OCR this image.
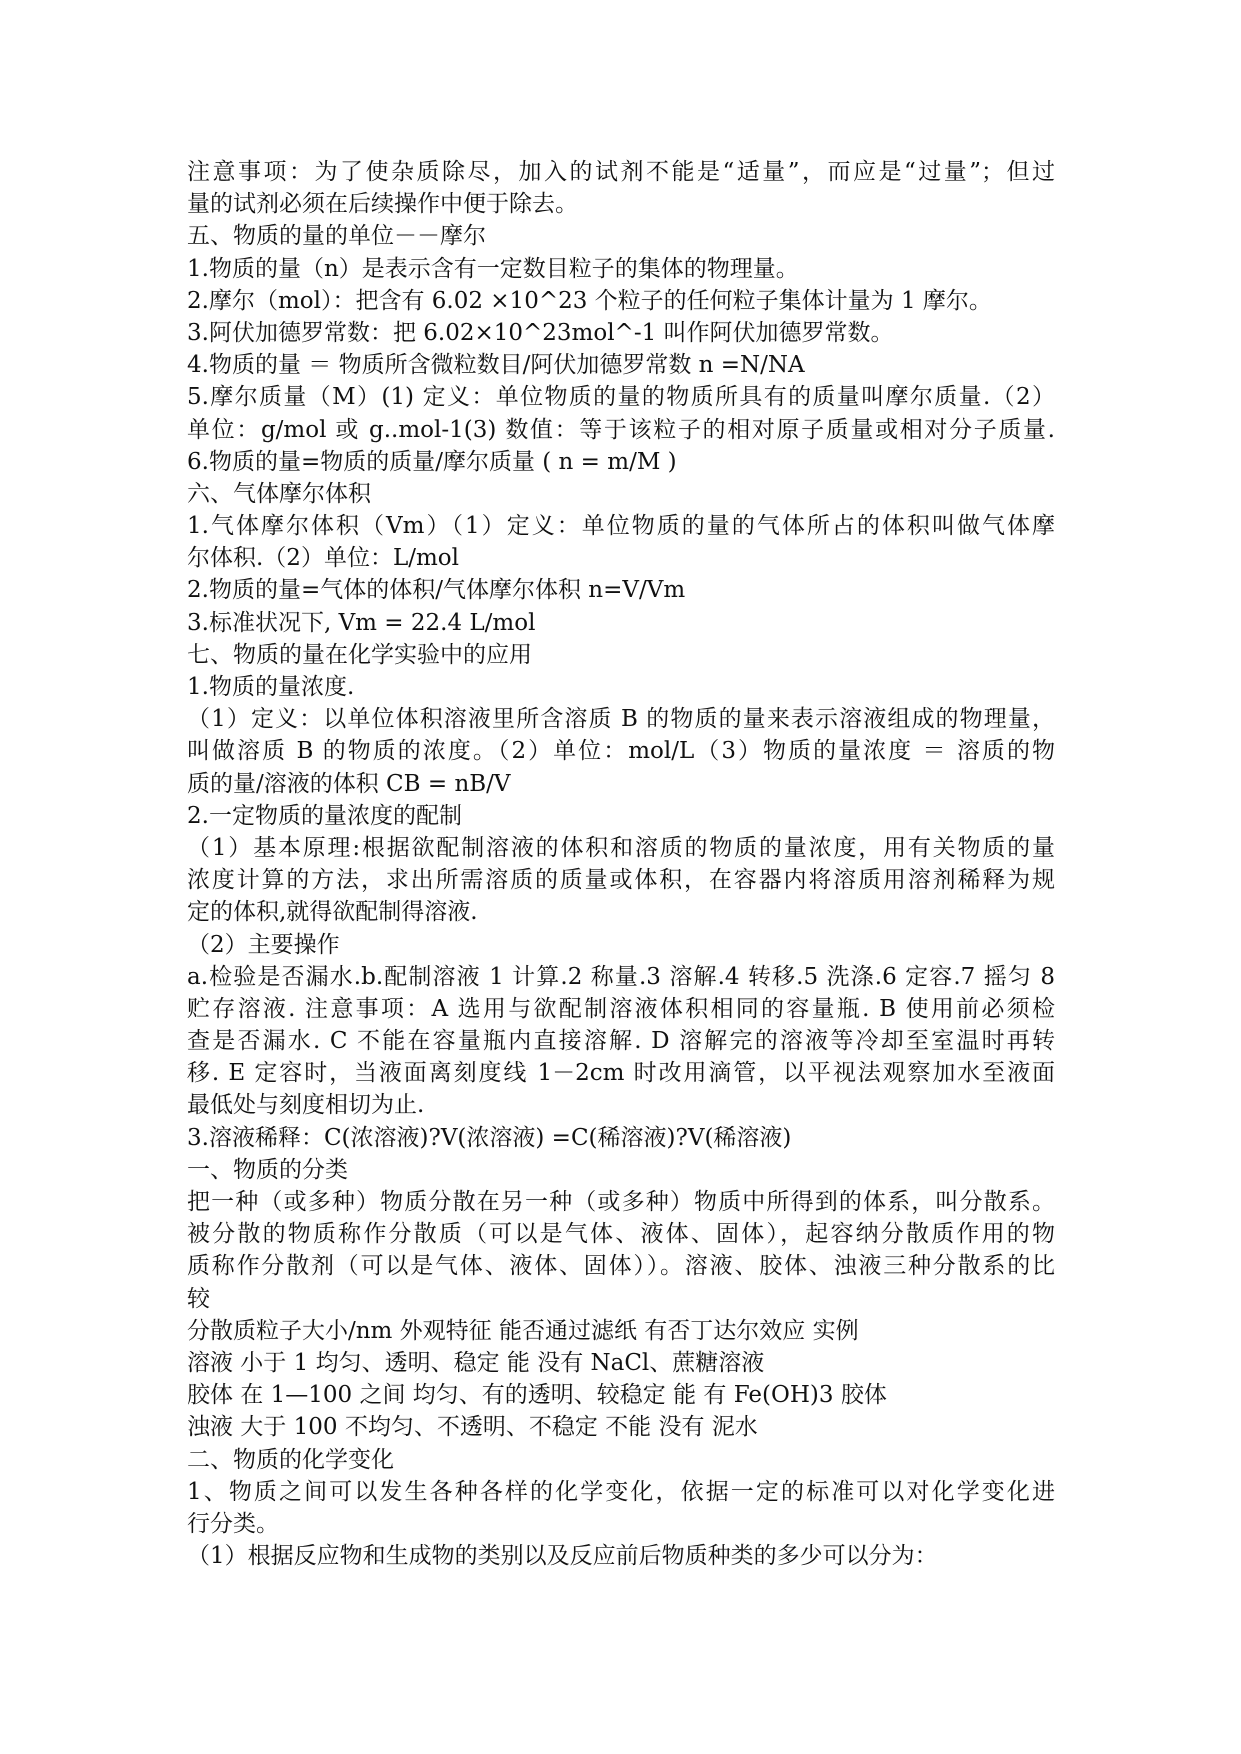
注意事项：为了使杂质除尽，加入的试剂不能是“适量”，而应是“过量”；但过
量的试剂必须在后续操作中便于除去。
五、物质的量的单位－－摩尔
1.物质的量（n）是表示含有一定数目粒子的集体的物理量。
2.摩尔（mol）：把含有 6.02 ×10^23 个粒子的任何粒子集体计量为 1 摩尔。
3.阿伏加德罗常数：把 6.02×10^23mol^-1 叫作阿伏加德罗常数。
4.物质的量 ＝ 物质所含微粒数目/阿伏加德罗常数 n =N/NA
5.摩尔质量（M）(1) 定义：单位物质的量的物质所具有的质量叫摩尔质量.（2）
单位：g/mol 或 g..mol-1(3) 数值：等于该粒子的相对原子质量或相对分子质量.
6.物质的量=物质的质量/摩尔质量 ( n = m/M )
六、气体摩尔体积
1.气体摩尔体积（Vm）（1）定义：单位物质的量的气体所占的体积叫做气体摩
尔体积.（2）单位：L/mol
2.物质的量=气体的体积/气体摩尔体积 n=V/Vm
3.标准状况下, Vm = 22.4 L/mol
七、物质的量在化学实验中的应用
1.物质的量浓度.
（1）定义：以单位体积溶液里所含溶质 B 的物质的量来表示溶液组成的物理量，
叫做溶质 B 的物质的浓度。（2）单位：mol/L（3）物质的量浓度 ＝ 溶质的物
质的量/溶液的体积 CB = nB/V
2.一定物质的量浓度的配制
（1）基本原理:根据欲配制溶液的体积和溶质的物质的量浓度，用有关物质的量
浓度计算的方法，求出所需溶质的质量或体积，在容器内将溶质用溶剂稀释为规
定的体积,就得欲配制得溶液.
（2）主要操作
a.检验是否漏水.b.配制溶液 1 计算.2 称量.3 溶解.4 转移.5 洗涤.6 定容.7 摇匀 8
贮存溶液. 注意事项：A 选用与欲配制溶液体积相同的容量瓶. B 使用前必须检
查是否漏水. C 不能在容量瓶内直接溶解. D 溶解完的溶液等冷却至室温时再转
移. E 定容时，当液面离刻度线 1－2cm 时改用滴管，以平视法观察加水至液面
最低处与刻度相切为止.
3.溶液稀释：C(浓溶液)?V(浓溶液) =C(稀溶液)?V(稀溶液)
一、物质的分类
把一种（或多种）物质分散在另一种（或多种）物质中所得到的体系，叫分散系。
被分散的物质称作分散质（可以是气体、液体、固体），起容纳分散质作用的物
质称作分散剂（可以是气体、液体、固体））。溶液、胶体、浊液三种分散系的比
较
分散质粒子大小/nm 外观特征 能否通过滤纸 有否丁达尔效应 实例
溶液 小于 1 均匀、透明、稳定 能 没有 NaCl、蔗糖溶液
胶体 在 1—100 之间 均匀、有的透明、较稳定 能 有 Fe(OH)3 胶体
浊液 大于 100 不均匀、不透明、不稳定 不能 没有 泥水
二、物质的化学变化
1、物质之间可以发生各种各样的化学变化，依据一定的标准可以对化学变化进
行分类。
（1）根据反应物和生成物的类别以及反应前后物质种类的多少可以分为：
